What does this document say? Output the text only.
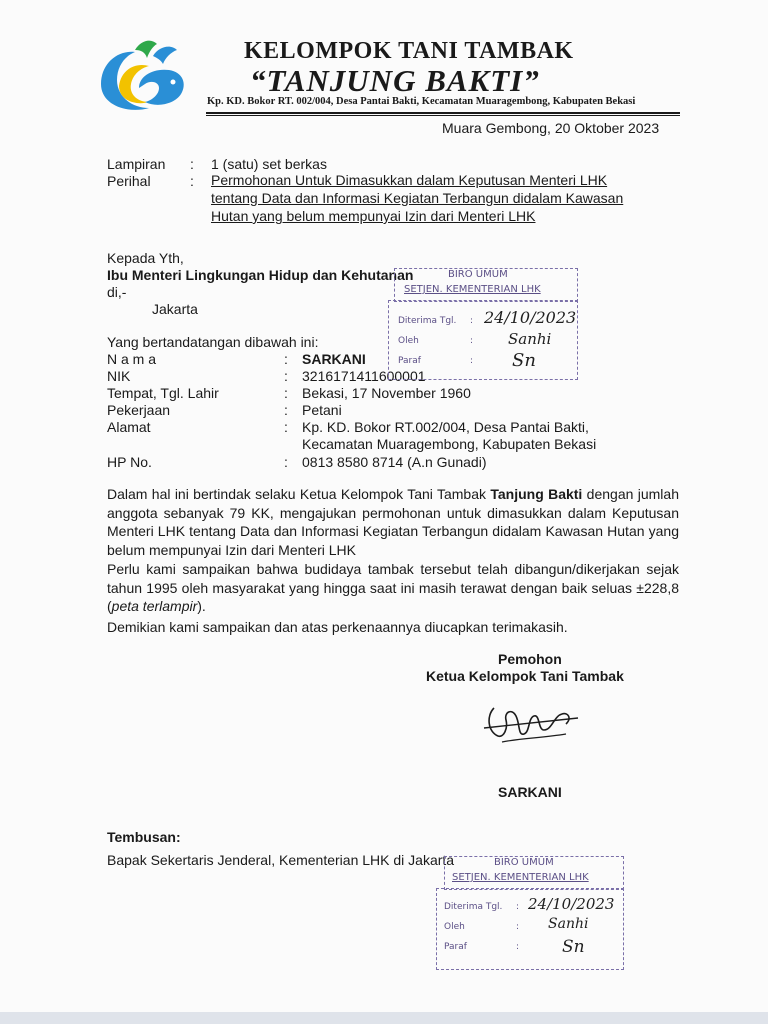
KELOMPOK TANI TAMBAK
“TANJUNG BAKTI”
Kp. KD. Bokor RT. 002/004, Desa Pantai Bakti, Kecamatan Muaragembong, Kabupaten Bekasi
Muara Gembong, 20 Oktober 2023
Lampiran : 1 (satu) set berkas
Perihal	: Permohonan Untuk Dimasukkan dalam Keputusan Menteri LHK
tentang Data dan Informasi Kegiatan Terbangun didalam Kawasan
Hutan yang belum mempunyai Izin dari Menteri LHK
Kepada Yth,
Ibu Menteri Lingkungan Hidup dan Kehutanan
di,-
Jakarta
Yang bertandatangan dibawah ini:
N a m a	: SARKANI
NIK	: 3216171411600001
Tempat, Tgl. Lahir	: Bekasi, 17 November 1960
Pekerjaan	: Petani
Alamat	: Kp. KD. Bokor RT.002/004, Desa Pantai Bakti,
Kecamatan Muaragembong, Kabupaten Bekasi
HP No.	: 0813 8580 8714 (A.n Gunadi)
Dalam hal ini bertindak selaku Ketua Kelompok Tani Tambak Tanjung Bakti dengan jumlah anggota sebanyak 79 KK, mengajukan permohonan untuk dimasukkan dalam Keputusan Menteri LHK tentang Data dan Informasi Kegiatan Terbangun didalam Kawasan Hutan yang belum mempunyai Izin dari Menteri LHK
Perlu kami sampaikan bahwa budidaya tambak tersebut telah dibangun/dikerjakan sejak tahun 1995 oleh masyarakat yang hingga saat ini masih terawat dengan baik seluas ±228,8 (peta terlampir).
Demikian kami sampaikan dan atas perkenaannya diucapkan terimakasih.
Pemohon
Ketua Kelompok Tani Tambak
SARKANI
Tembusan:
Bapak Sekertaris Jenderal, Kementerian LHK di Jakarta
BIRO UMUM
SETJEN. KEMENTERIAN LHK
Diterima Tgl. : 24/10/2023
Oleh	: Sanhi
Paraf	: Sn
BIRO UMUM
SETJEN. KEMENTERIAN LHK
Diterima Tgl. : 24/10/2023
Oleh	: Sanhi
Paraf	:	Sn
